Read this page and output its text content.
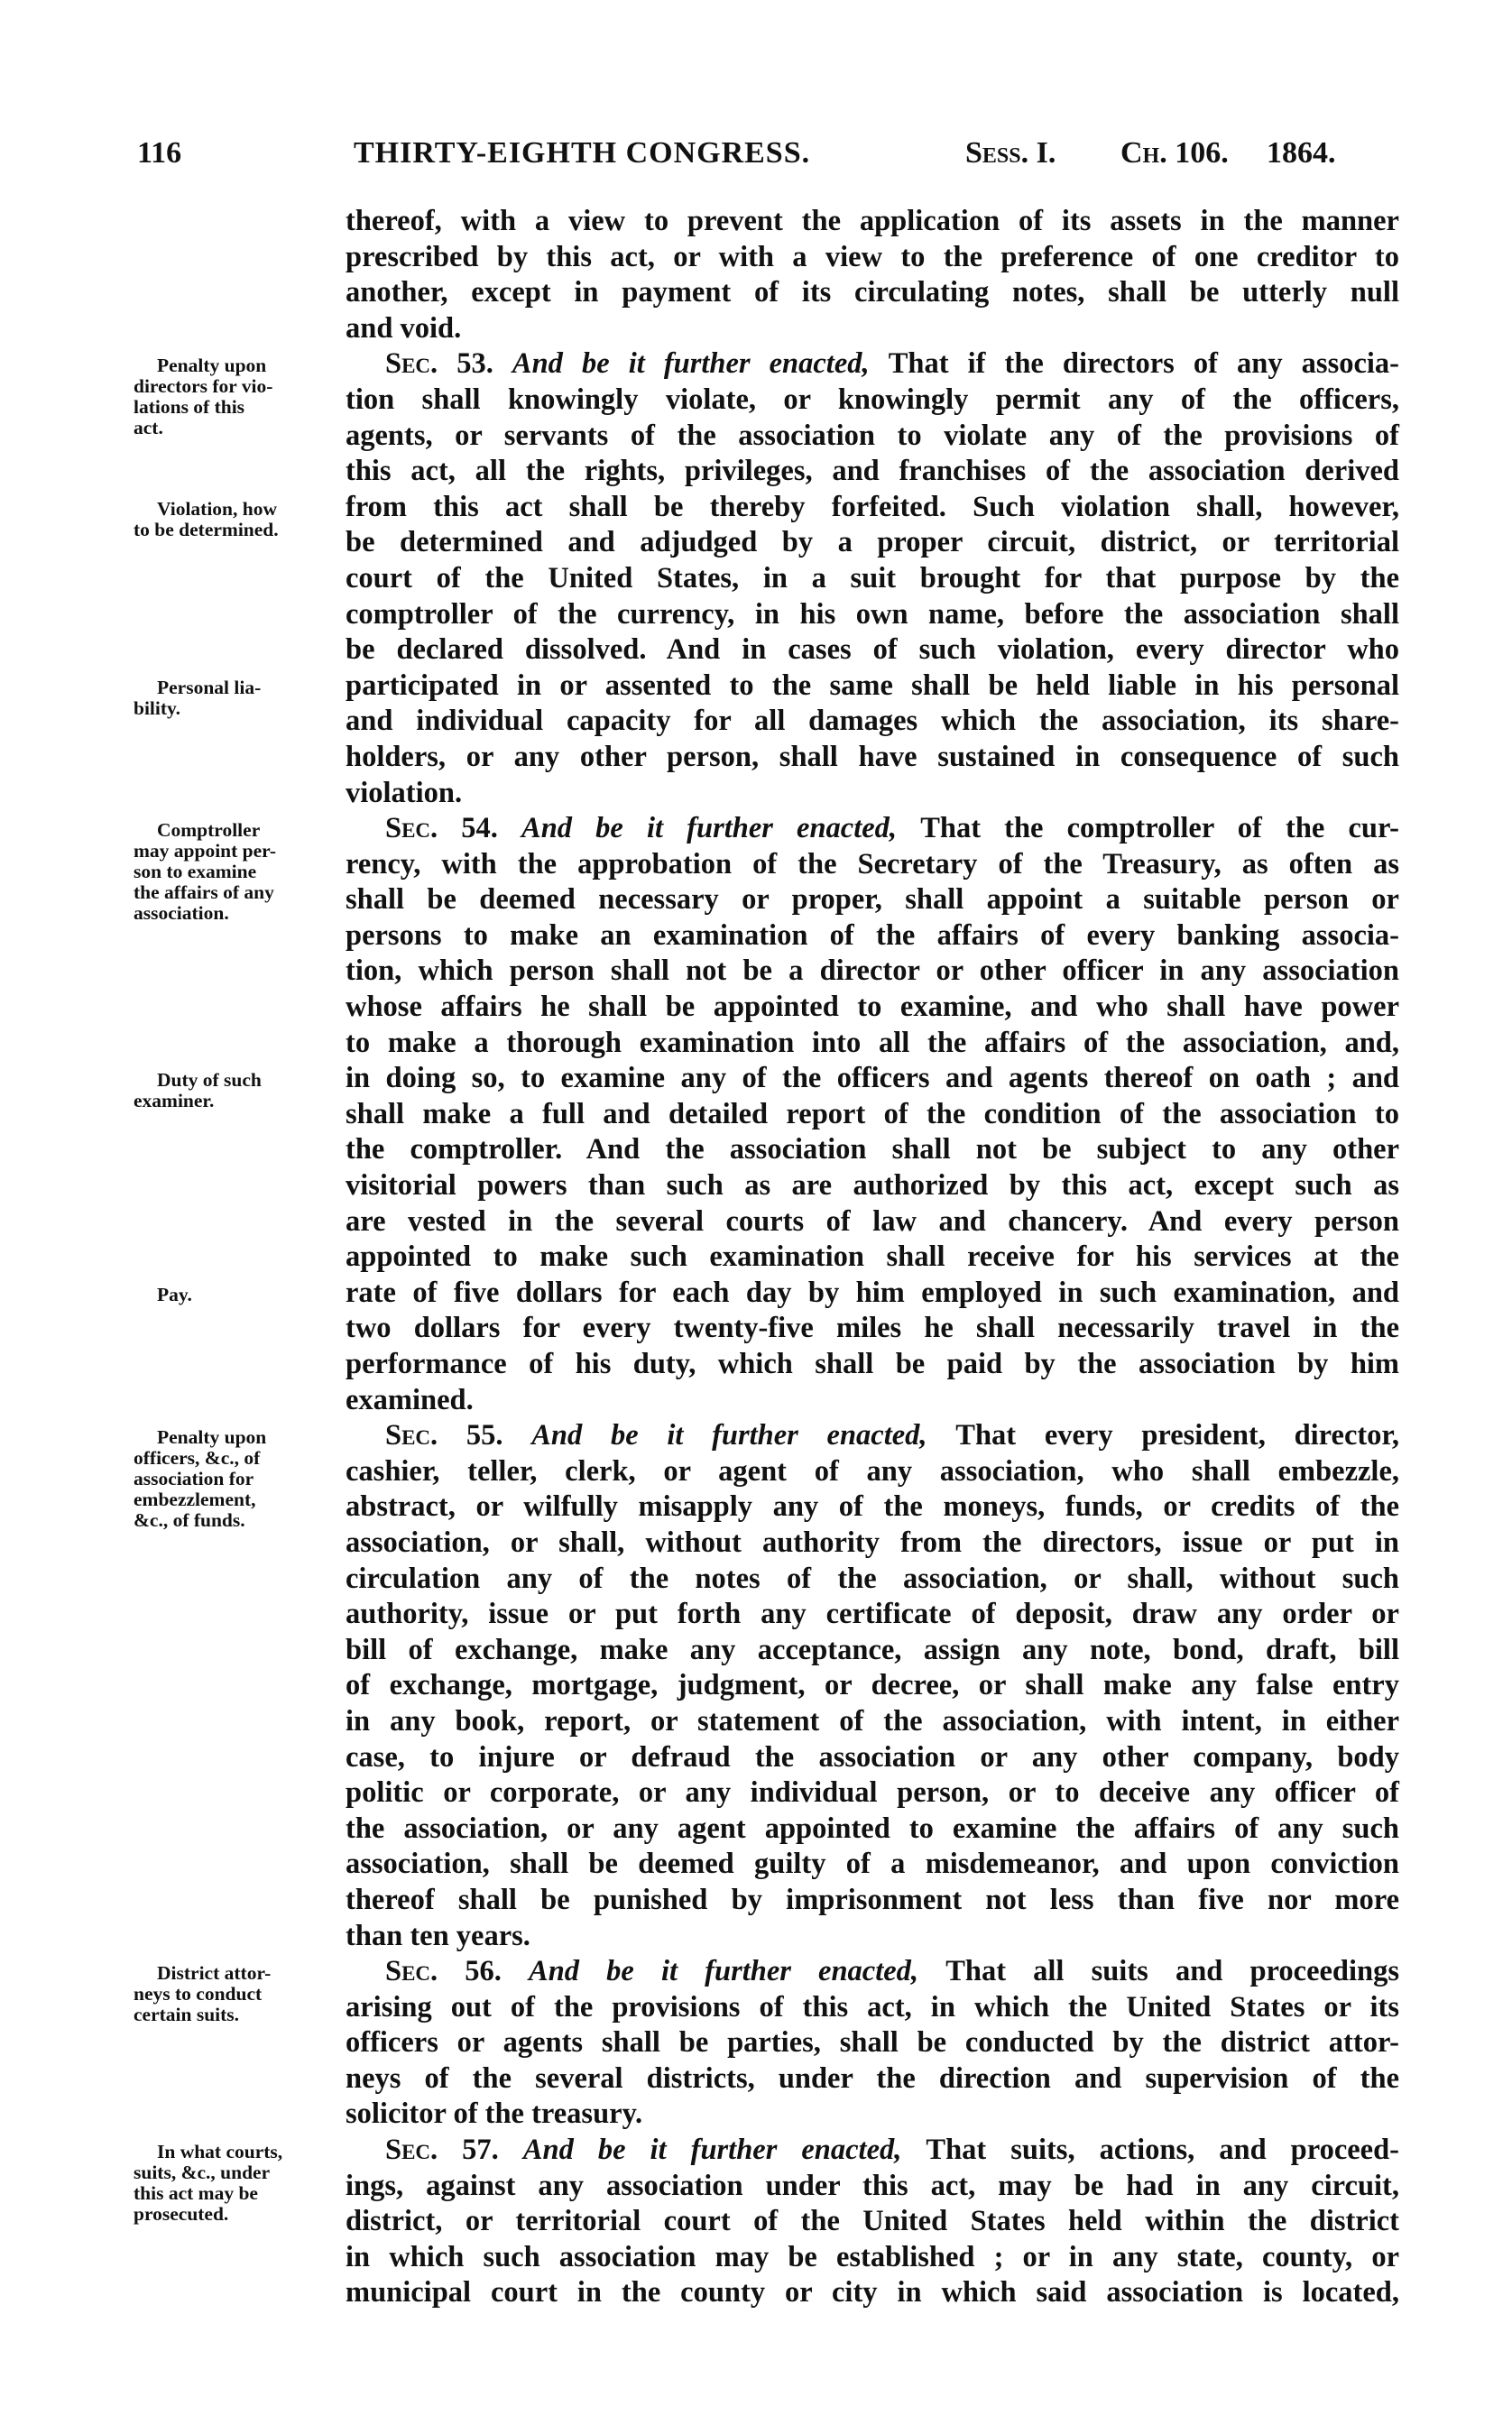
116	THIRTY-EIGHTH CONGRESS.	Sess. I. Ch. 106. 1864.
thereof, with a view to prevent the application of its assets in the manner
prescribed by this act, or with a view to the preference of one creditor to
another, except in payment of its circulating notes, shall be utterly null
and void.
Sec. 53. And be it further enacted, That if the directors of any associa-
tion shall knowingly violate, or knowingly permit any of the officers,
agents, or servants of the association to violate any of the provisions of
this act, all the rights, privileges, and franchises of the association derived
from this act shall be thereby forfeited. Such violation shall, however,
be determined and adjudged by a proper circuit, district, or territorial
court of the United States, in a suit brought for that purpose by the
comptroller of the currency, in his own name, before the association shall
be declared dissolved. And in cases of such violation, every director who
participated in or assented to the same shall be held liable in his personal
and individual capacity for all damages which the association, its share-
holders, or any other person, shall have sustained in consequence of such
violation.
Sec. 54. And be it further enacted, That the comptroller of the cur-
rency, with the approbation of the Secretary of the Treasury, as often as
shall be deemed necessary or proper, shall appoint a suitable person or
persons to make an examination of the affairs of every banking associa-
tion, which person shall not be a director or other officer in any association
whose affairs he shall be appointed to examine, and who shall have power
to make a thorough examination into all the affairs of the association, and,
in doing so, to examine any of the officers and agents thereof on oath ; and
shall make a full and detailed report of the condition of the association to
the comptroller. And the association shall not be subject to any other
visitorial powers than such as are authorized by this act, except such as
are vested in the several courts of law and chancery. And every person
appointed to make such examination shall receive for his services at the
rate of five dollars for each day by him employed in such examination, and
two dollars for every twenty-five miles he shall necessarily travel in the
performance of his duty, which shall be paid by the association by him
examined.
Sec. 55. And be it further enacted, That every president, director,
cashier, teller, clerk, or agent of any association, who shall embezzle,
abstract, or wilfully misapply any of the moneys, funds, or credits of the
association, or shall, without authority from the directors, issue or put in
circulation any of the notes of the association, or shall, without such
authority, issue or put forth any certificate of deposit, draw any order or
bill of exchange, make any acceptance, assign any note, bond, draft, bill
of exchange, mortgage, judgment, or decree, or shall make any false entry
in any book, report, or statement of the association, with intent, in either
case, to injure or defraud the association or any other company, body
politic or corporate, or any individual person, or to deceive any officer of
the association, or any agent appointed to examine the affairs of any such
association, shall be deemed guilty of a misdemeanor, and upon conviction
thereof shall be punished by imprisonment not less than five nor more
than ten years.
Sec. 56. And be it further enacted, That all suits and proceedings
arising out of the provisions of this act, in which the United States or its
officers or agents shall be parties, shall be conducted by the district attor-
neys of the several districts, under the direction and supervision of the
solicitor of the treasury.
Sec. 57. And be it further enacted, That suits, actions, and proceed-
ings, against any association under this act, may be had in any circuit,
district, or territorial court of the United States held within the district
in which such association may be established ; or in any state, county, or
municipal court in the county or city in which said association is located,
Penalty upon
directors for vio-
lations of this
act.
Violation, how
to be determined.
Personal lia-
bility.
Comptroller
may appoint per-
son to examine
the affairs of any
association.
Duty of such
examiner.
Pay.
Penalty upon
officers, &c., of
association for
embezzlement,
&c., of funds.
District attor-
neys to conduct
certain suits.
In what courts,
suits, &c., under
this act may be
prosecuted.
